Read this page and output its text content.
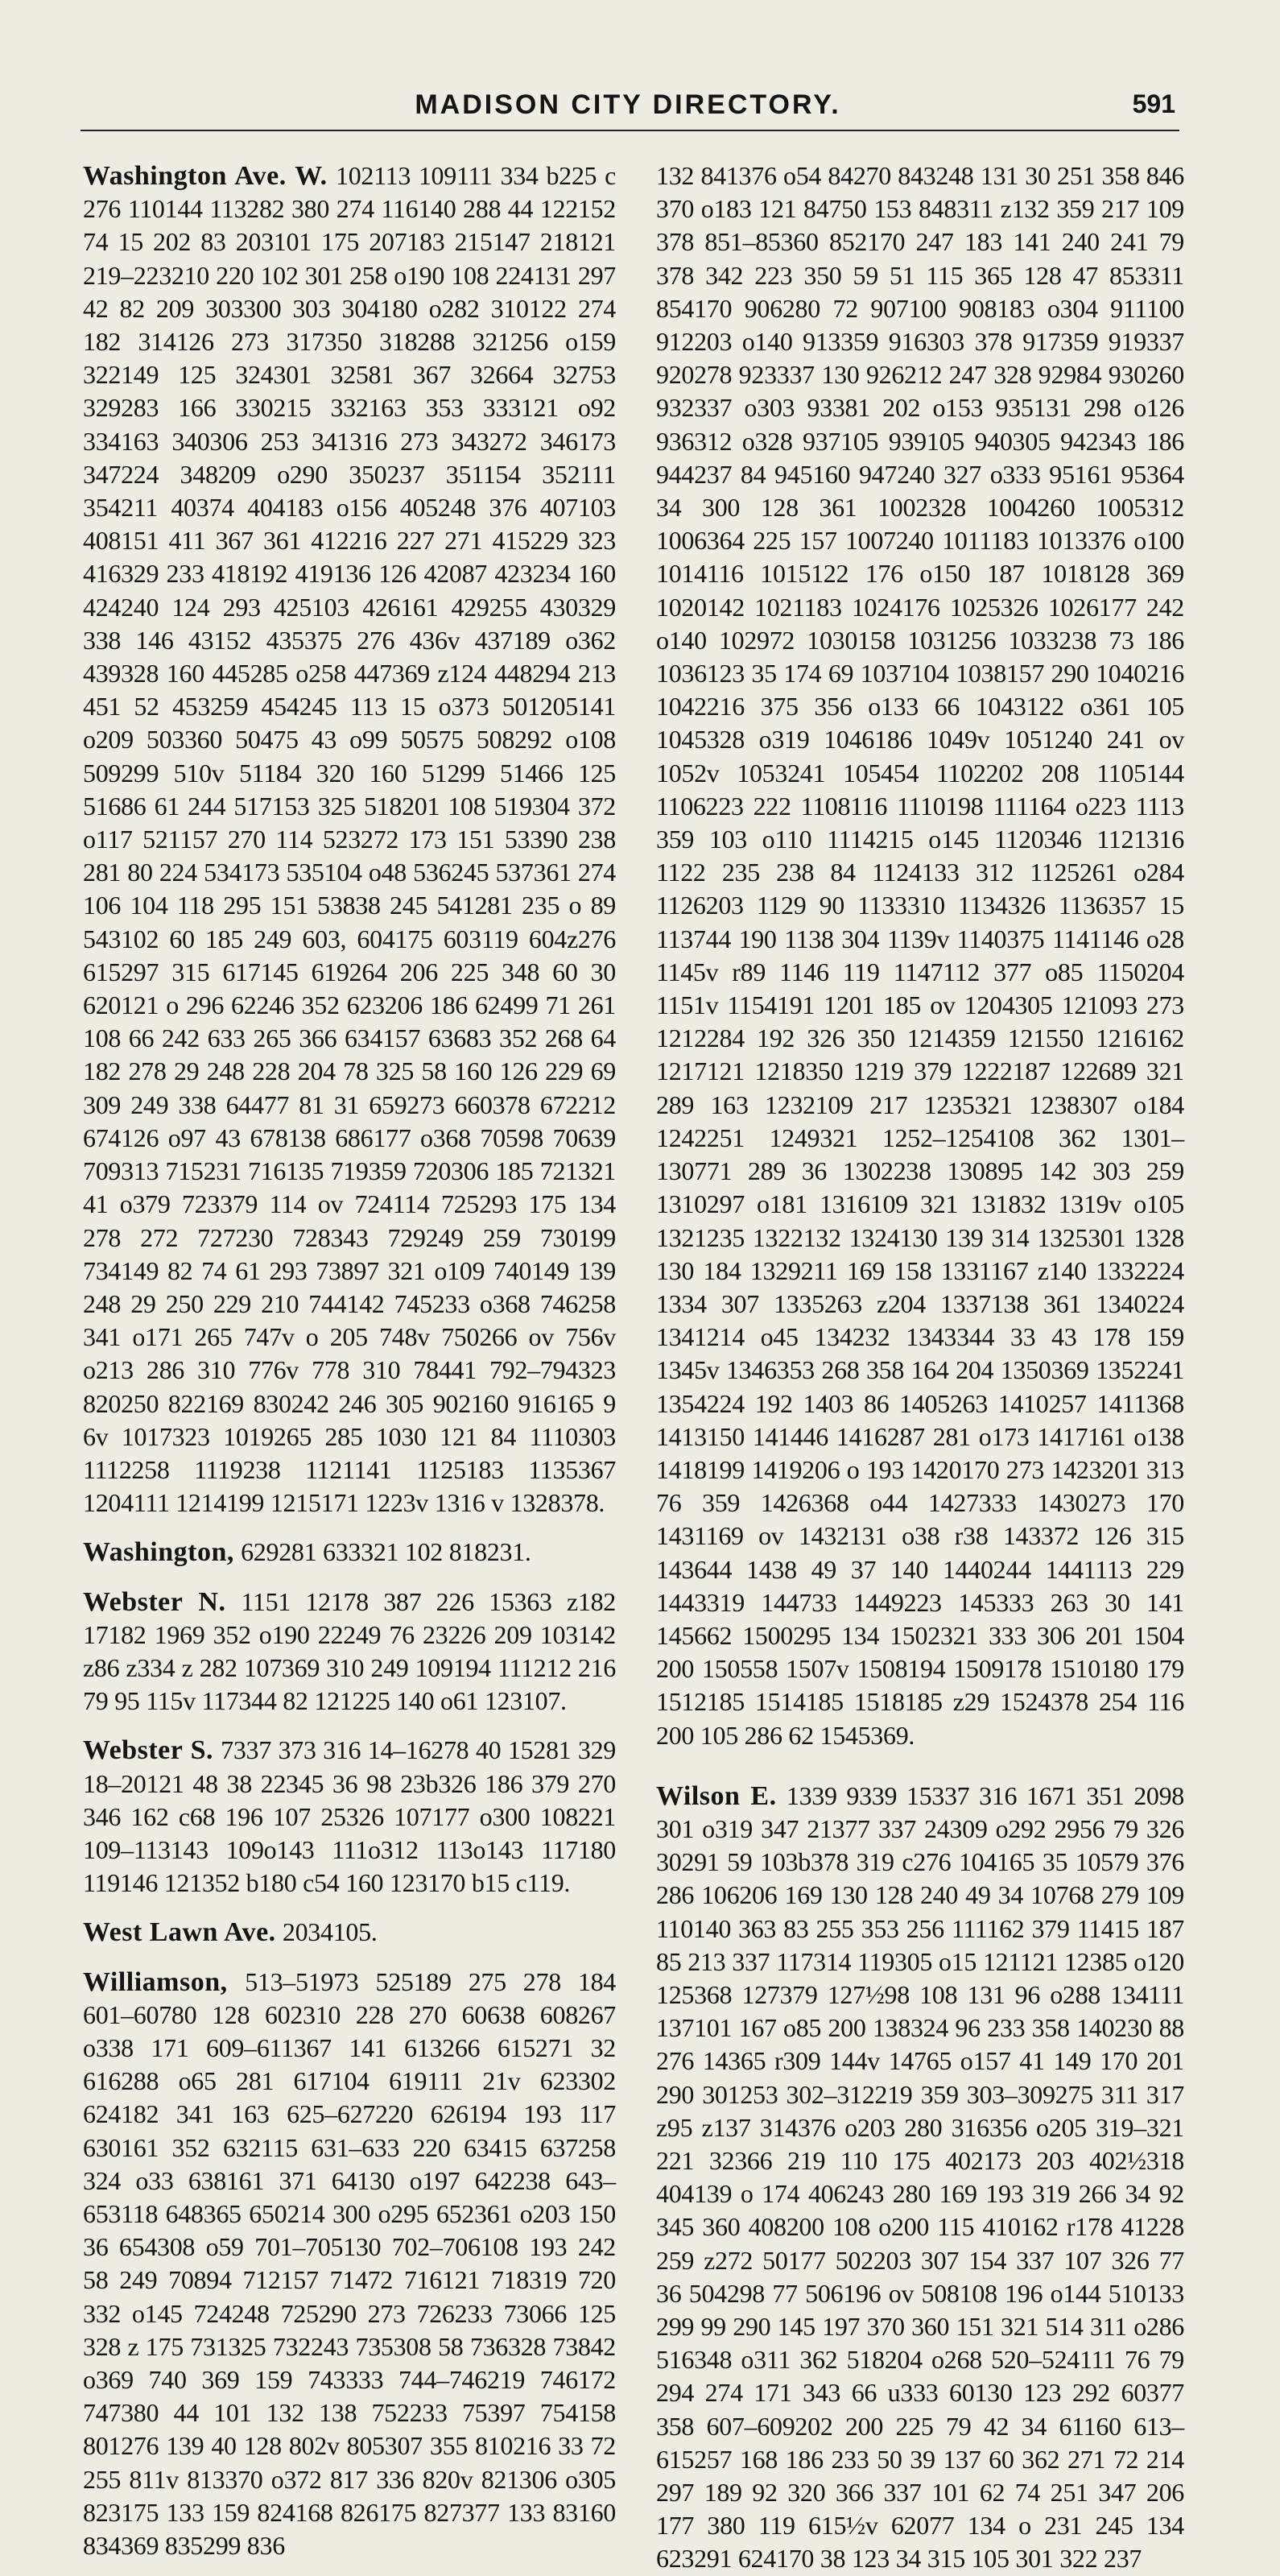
MADISON CITY DIRECTORY.	591

Washington Ave. W. 102113 109111 334 b225 c 276 110144 113282 380 274 116140 288 44 122152 74 15 202 83 203101 175 207183 215147 218121 219–223210 220 102 301 258 o190 108 224131 297 42 82 209 303300 303 304180 o282 310122 274 182 314126 273 317350 318288 321256 o159 322149 125 324301 32581 367 32664 32753 329283 166 330215 332163 353 333121 o92 334163 340306 253 341316 273 343272 346173 347224 348209 o290 350237 351154 352111 354211 40374 404183 o156 405248 376 407103 408151 411 367 361 412216 227 271 415229 323 416329 233 418192 419136 126 42087 423234 160 424240 124 293 425103 426161 429255 430329 338 146 43152 435375 276 436v 437189 o362 439328 160 445285 o258 447369 z124 448294 213 451 52 453259 454245 113 15 o373 501205141 o209 503360 50475 43 o99 50575 508292 o108 509299 510v 51184 320 160 51299 51466 125 51686 61 244 517153 325 518201 108 519304 372 o117 521157 270 114 523272 173 151 53390 238 281 80 224 534173 535104 o48 536245 537361 274 106 104 118 295 151 53838 245 541281 235 o 89 543102 60 185 249 603, 604175 603119 604z276 615297 315 617145 619264 206 225 348 60 30 620121 o 296 62246 352 623206 186 62499 71 261 108 66 242 633 265 366 634157 63683 352 268 64 182 278 29 248 228 204 78 325 58 160 126 229 69 309 249 338 64477 81 31 659273 660378 672212 674126 o97 43 678138 686177 o368 70598 70639 709313 715231 716135 719359 720306 185 721321 41 o379 723379 114 ov 724114 725293 175 134 278 272 727230 728343 729249 259 730199 734149 82 74 61 293 73897 321 o109 740149 139 248 29 250 229 210 744142 745233 o368 746258 341 o171 265 747v o 205 748v 750266 ov 756v o213 286 310 776v 778 310 78441 792–794323 820250 822169 830242 246 305 902160 916165 9 6v 1017323 1019265 285 1030 121 84 1110303 1112258 1119238 1121141 1125183 1135367 1204111 1214199 1215171 1223v 1316 v 1328378.

Washington, 629281 633321 102 818231.

Webster N. 1151 12178 387 226 15363 z182 17182 1969 352 o190 22249 76 23226 209 103142 z86 z334 z 282 107369 310 249 109194 111212 216 79 95 115v 117344 82 121225 140 o61 123107.

Webster S. 7337 373 316 14–16278 40 15281 329 18–20121 48 38 22345 36 98 23b326 186 379 270 346 162 c68 196 107 25326 107177 o300 108221 109–113143 109o143 111o312 113o143 117180 119146 121352 b180 c54 160 123170 b15 c119.

West Lawn Ave. 2034105.

Williamson, 513–51973 525189 275 278 184 601–60780 128 602310 228 270 60638 608267 o338 171 609–611367 141 613266 615271 32 616288 o65 281 617104 619111 21v 623302 624182 341 163 625–627220 626194 193 117 630161 352 632115 631–633 220 63415 637258 324 o33 638161 371 64130 o197 642238 643–653118 648365 650214 300 o295 652361 o203 150 36 654308 o59 701–705130 702–706108 193 242 58 249 70894 712157 71472 716121 718319 720 332 o145 724248 725290 273 726233 73066 125 328 z 175 731325 732243 735308 58 736328 73842 o369 740 369 159 743333 744–746219 746172 747380 44 101 132 138 752233 75397 754158 801276 139 40 128 802v 805307 355 810216 33 72 255 811v 813370 o372 817 336 820v 821306 o305 823175 133 159 824168 826175 827377 133 83160 834369 835299 836

132 841376 o54 84270 843248 131 30 251 358 846 370 o183 121 84750 153 848311 z132 359 217 109 378 851–85360 852170 247 183 141 240 241 79 378 342 223 350 59 51 115 365 128 47 853311 854170 906280 72 907100 908183 o304 911100 912203 o140 913359 916303 378 917359 919337 920278 923337 130 926212 247 328 92984 930260 932337 o303 93381 202 o153 935131 298 o126 936312 o328 937105 939105 940305 942343 186 944237 84 945160 947240 327 o333 95161 95364 34 300 128 361 1002328 1004260 1005312 1006364 225 157 1007240 1011183 1013376 o100 1014116 1015122 176 o150 187 1018128 369 1020142 1021183 1024176 1025326 1026177 242 o140 102972 1030158 1031256 1033238 73 186 1036123 35 174 69 1037104 1038157 290 1040216 1042216 375 356 o133 66 1043122 o361 105 1045328 o319 1046186 1049v 1051240 241 ov 1052v 1053241 105454 1102202 208 1105144 1106223 222 1108116 1110198 111164 o223 1113 359 103 o110 1114215 o145 1120346 1121316 1122 235 238 84 1124133 312 1125261 o284 1126203 1129 90 1133310 1134326 1136357 15 113744 190 1138 304 1139v 1140375 1141146 o28 1145v r89 1146 119 1147112 377 o85 1150204 1151v 1154191 1201 185 ov 1204305 121093 273 1212284 192 326 350 1214359 121550 1216162 1217121 1218350 1219 379 1222187 122689 321 289 163 1232109 217 1235321 1238307 o184 1242251 1249321 1252–1254108 362 1301–130771 289 36 1302238 130895 142 303 259 1310297 o181 1316109 321 131832 1319v o105 1321235 1322132 1324130 139 314 1325301 1328 130 184 1329211 169 158 1331167 z140 1332224 1334 307 1335263 z204 1337138 361 1340224 1341214 o45 134232 1343344 33 43 178 159 1345v 1346353 268 358 164 204 1350369 1352241 1354224 192 1403 86 1405263 1410257 1411368 1413150 141446 1416287 281 o173 1417161 o138 1418199 1419206 o 193 1420170 273 1423201 313 76 359 1426368 o44 1427333 1430273 170 1431169 ov 1432131 o38 r38 143372 126 315 143644 1438 49 37 140 1440244 1441113 229 1443319 144733 1449223 145333 263 30 141 145662 1500295 134 1502321 333 306 201 1504 200 150558 1507v 1508194 1509178 1510180 179 1512185 1514185 1518185 z29 1524378 254 116 200 105 286 62 1545369.

Wilson E. 1339 9339 15337 316 1671 351 2098 301 o319 347 21377 337 24309 o292 2956 79 326 30291 59 103b378 319 c276 104165 35 10579 376 286 106206 169 130 128 240 49 34 10768 279 109 110140 363 83 255 353 256 111162 379 11415 187 85 213 337 117314 119305 o15 121121 12385 o120 125368 127379 127½98 108 131 96 o288 134111 137101 167 o85 200 138324 96 233 358 140230 88 276 14365 r309 144v 14765 o157 41 149 170 201 290 301253 302–312219 359 303–309275 311 317 z95 z137 314376 o203 280 316356 o205 319–321 221 32366 219 110 175 402173 203 402½318 404139 o 174 406243 280 169 193 319 266 34 92 345 360 408200 108 o200 115 410162 r178 41228 259 z272 50177 502203 307 154 337 107 326 77 36 504298 77 506196 ov 508108 196 o144 510133 299 99 290 145 197 370 360 151 321 514 311 o286 516348 o311 362 518204 o268 520–524111 76 79 294 274 171 343 66 u333 60130 123 292 60377 358 607–609202 200 225 79 42 34 61160 613–615257 168 186 233 50 39 137 60 362 271 72 214 297 189 92 320 366 337 101 62 74 251 347 206 177 380 119 615½v 62077 134 o 231 245 134 623291 624170 38 123 34 315 105 301 322 237
